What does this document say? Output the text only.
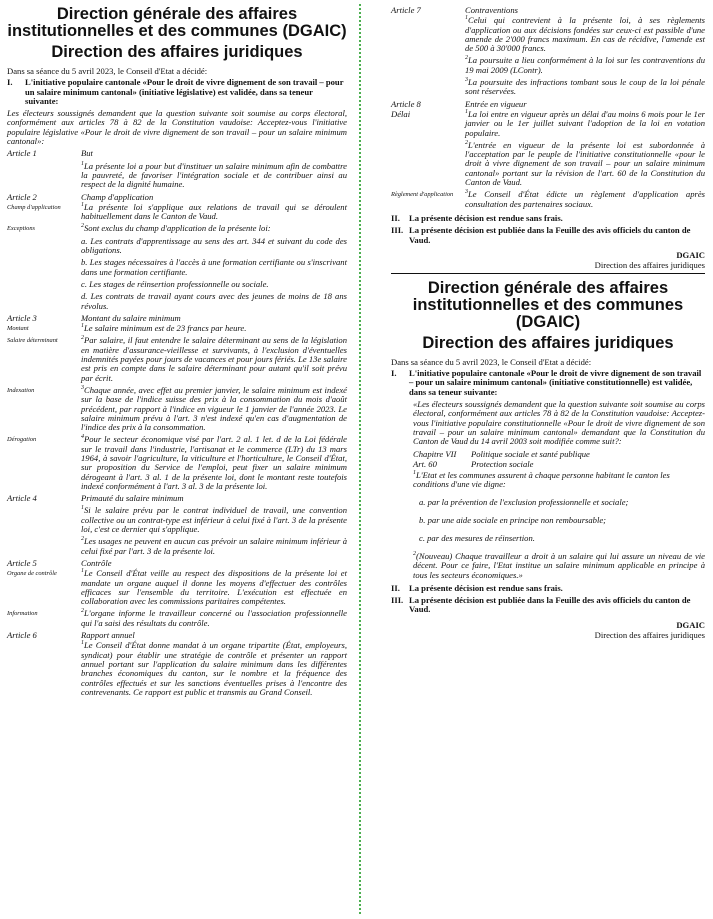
Direction générale des affaires

institutionnelles et des communes (DGAIC)

Direction des affaires juridiques

Dans sa séance du 5 avril 2023, le Conseil d'Etat a décidé:

I.	L'initiative populaire cantonale «Pour le droit de vivre dignement de son travail – pour un salaire minimum cantonal» (initiative législative) est validée, dans sa teneur suivante:

Les électeurs soussignés demandent que la question suivante soit soumise au corps électoral, conformément aux articles 78 à 82 de la Constitution vaudoise: Acceptez-vous l'initiative populaire législative «Pour le droit de vivre dignement de son travail – pour un salaire minimum cantonal»:

Article 1	But
$^1$La présente loi a pour but d'instituer un salaire minimum afin de combattre la pauvreté, de favoriser l'intégration sociale et de contribuer ainsi au respect de la dignité humaine.
Article 2	Champ d'application
Champ d'application	$^1$La présente loi s'applique aux relations de travail qui se déroulent habituellement dans le Canton de Vaud.
Exceptions	$^2$Sont exclus du champ d'application de la présente loi:

a. Les contrats d'apprentissage au sens des art. 344 et suivant du code des obligations.

b. Les stages nécessaires à l'accès à une formation certifiante ou s'inscrivant dans une formation certifiante.

c. Les stages de réinsertion professionnelle ou sociale.

d. Les contrats de travail ayant cours avec des jeunes de moins de 18 ans révolus.

Article 3	Montant du salaire minimum
Montant	$^1$Le salaire minimum est de 23 francs par heure.
Salaire déterminant	$^2$Par salaire, il faut entendre le salaire déterminant au sens de la législation en matière d'assurance-vieillesse et survivants, à l'exclusion d'éventuelles indemnités payées pour jours de vacances et pour jours fériés. Le 13e salaire est pris en compte dans le salaire déterminant pour autant qu'il soit prévu par écrit.
Indexation	$^3$Chaque année, avec effet au premier janvier, le salaire minimum est indexé sur la base de l'indice suisse des prix à la consommation du mois d'août précédent, par rapport à l'indice en vigueur le 1 janvier de l'année 2023. Le salaire minimum prévu à l'art. 3 n'est indexé qu'en cas d'augmentation de l'indice des prix à la consommation.
Dérogation	$^4$Pour le secteur économique visé par l'art. 2 al. 1 let. d de la Loi fédérale sur le travail dans l'industrie, l'artisanat et le commerce (LTr) du 13 mars 1964, à savoir l'agriculture, la viticulture et l'horticulture, le Conseil d'État, sur proposition du Service de l'emploi, peut fixer un salaire minimum dérogeant à l'art. 3 al. 1 de la présente loi, dont le montant reste toutefois indexé conformément à l'art. 3 al. 3 de la présente loi.
Article 4	Primauté du salaire minimum
$^1$Si le salaire prévu par le contrat individuel de travail, une convention collective ou un contrat-type est inférieur à celui fixé à l'art. 3 de la présente loi, c'est ce dernier qui s'applique.
$^2$Les usages ne peuvent en aucun cas prévoir un salaire minimum inférieur à celui fixé par l'art. 3 de la présente loi.
Article 5	Contrôle
Organe de contrôle	$^1$Le Conseil d'État veille au respect des dispositions de la présente loi et mandate un organe auquel il donne les moyens d'effectuer des contrôles efficaces sur l'ensemble du territoire. L'exécution est effectuée en collaboration avec les commissions paritaires compétentes.
Information	$^2$L'organe informe le travailleur concerné ou l'association professionnelle qui l'a saisi des résultats du contrôle.
Article 6	Rapport annuel
$^1$Le Conseil d'État donne mandat à un organe tripartite (État, employeurs, syndicat) pour établir une stratégie de contrôle et présenter un rapport annuel portant sur l'application du salaire minimum dans les différentes branches économiques du canton, sur le nombre et la fréquence des contrôles effectués et sur les sanctions éventuelles prises à l'encontre des contrevenants. Ce rapport est public et transmis au Grand Conseil.
Article 7	Contraventions
$^1$Celui qui contrevient à la présente loi, à ses règlements d'application ou aux décisions fondées sur ceux-ci est passible d'une amende de 2'000 francs maximum. En cas de récidive, l'amende est de 500 à 30'000 francs.
$^2$La poursuite a lieu conformément à la loi sur les contraventions du 19 mai 2009 (LContr).
$^3$La poursuite des infractions tombant sous le coup de la loi pénale sont réservées.
Article 8	Entrée en vigueur
Délai	$^1$La loi entre en vigueur après un délai d'au moins 6 mois pour le 1er janvier ou le 1er juillet suivant l'adoption de la loi en votation populaire.
$^2$L'entrée en vigueur de la présente loi est subordonnée à l'acceptation par le peuple de l'initiative constitutionnelle «pour le droit à vivre dignement de son travail – pour un salaire minimum cantonal» portant sur la révision de l'art. 60 de la Constitution du Canton de Vaud.
Règlement d'application	$^3$Le Conseil d'État édicte un règlement d'application après consultation des partenaires sociaux.
II.	La présente décision est rendue sans frais.
III. La présente décision est publiée dans la Feuille des avis officiels du canton de Vaud.

DGAIC

Direction des affaires juridiques

Direction générale des affaires

institutionnelles et des communes (DGAIC)

Direction des affaires juridiques

Dans sa séance du 5 avril 2023, le Conseil d'Etat a décidé:

I.	L'initiative populaire cantonale «Pour le droit de vivre dignement de son travail – pour un salaire minimum cantonal» (initiative constitutionnelle) est validée, dans sa teneur suivante:

«Les électeurs soussignés demandent que la question suivante soit soumise au corps électoral, conformément aux articles 78 à 82 de la Constitution vaudoise: Acceptez-vous l'initiative populaire constitutionnelle «Pour le droit de vivre dignement de son travail – pour un salaire minimum cantonal» demandant que la Constitution du Canton de Vaud du 14 avril 2003 soit modifiée comme suit?:

Chapitre VII	Politique sociale et santé publique
Art. 60	Protection sociale

$^1$L'Etat et les communes assurent à chaque personne habitant le canton les conditions d'une vie digne:

a. par la prévention de l'exclusion professionnelle et sociale;

b. par une aide sociale en principe non remboursable;

c. par des mesures de réinsertion.

$^2$(Nouveau) Chaque travailleur a droit à un salaire qui lui assure un niveau de vie décent. Pour ce faire, l'Etat institue un salaire minimum applicable en principe à tous les secteurs économiques.»

II.	La présente décision est rendue sans frais.
III. La présente décision est publiée dans la Feuille des avis officiels du canton de Vaud.

DGAIC

Direction des affaires juridiques
